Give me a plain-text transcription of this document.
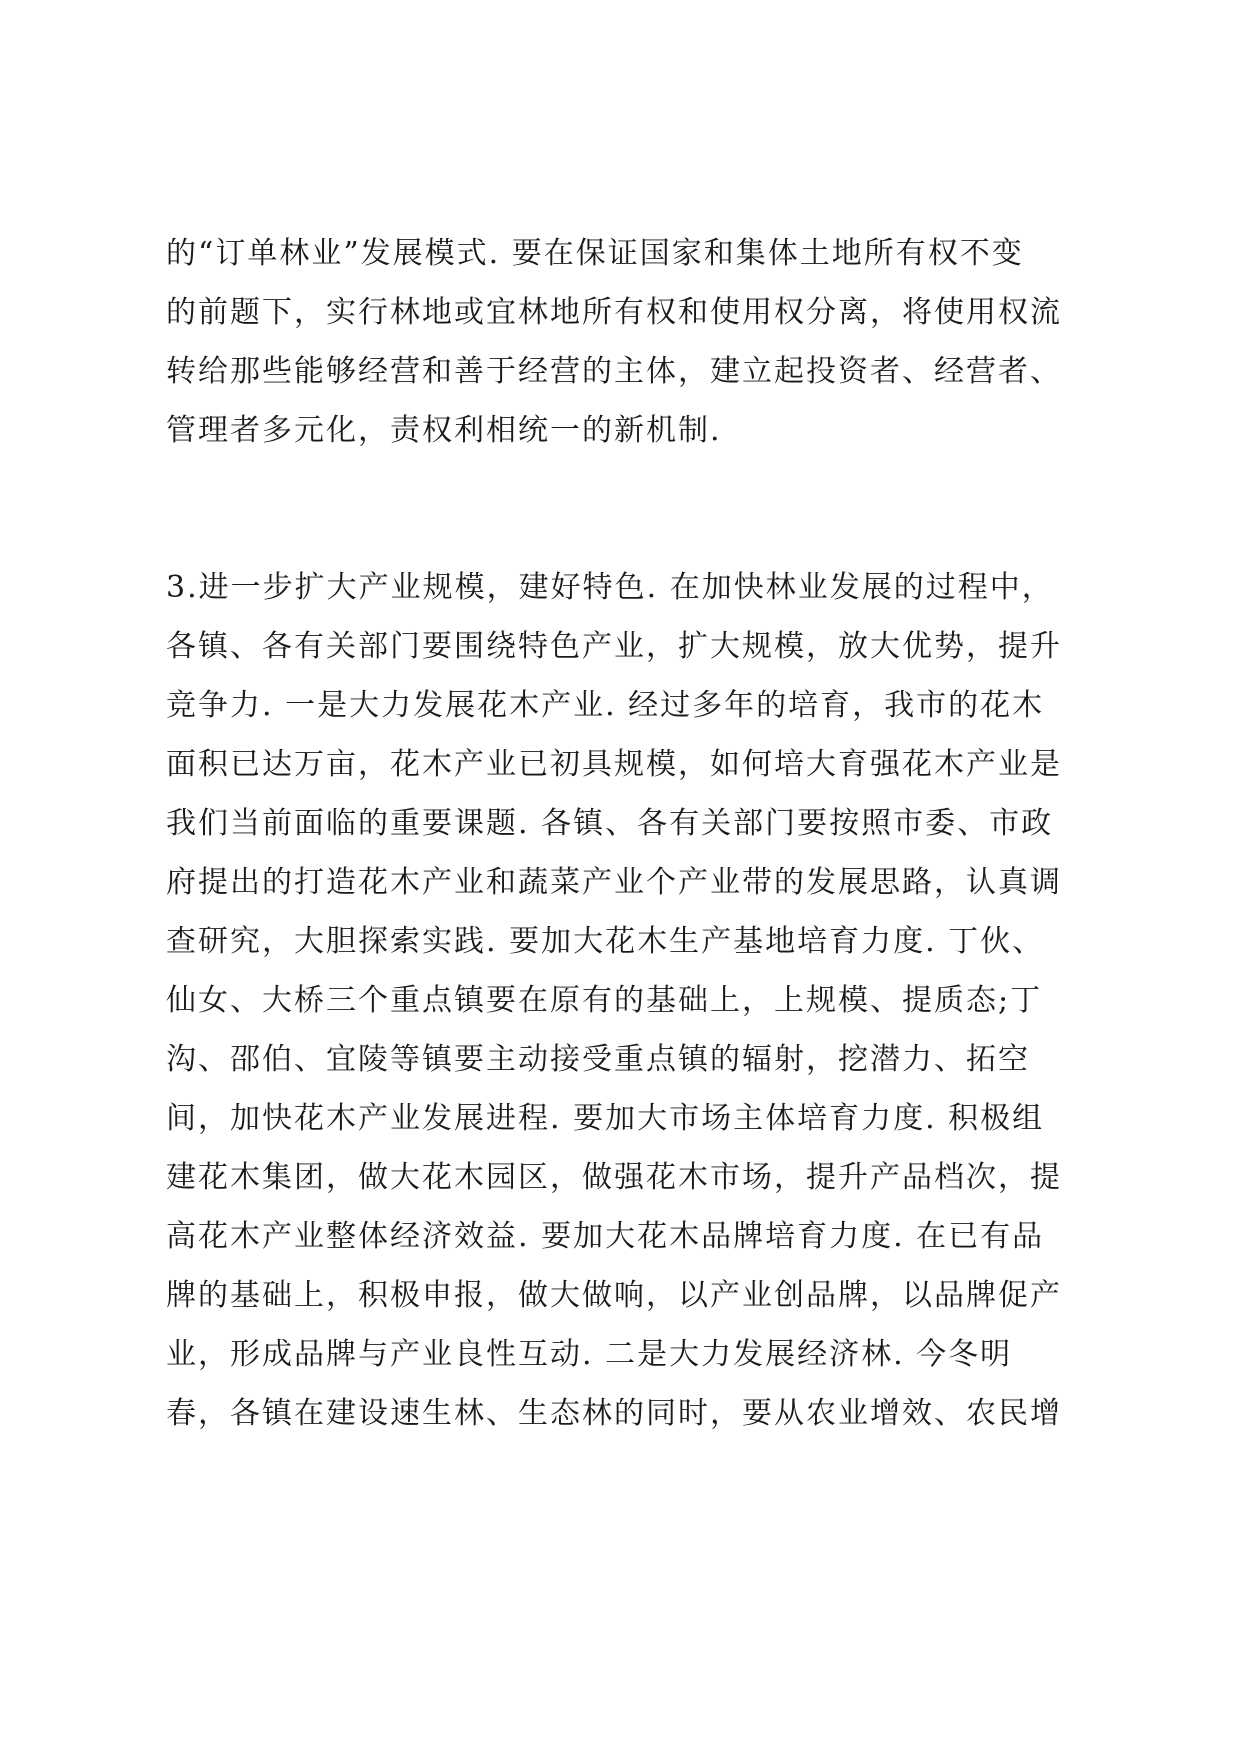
的“订单林业”发展模式. 要在保证国家和集体土地所有权不变
的前题下，实行林地或宜林地所有权和使用权分离，将使用权流
转给那些能够经营和善于经营的主体，建立起投资者、经营者、
管理者多元化，责权利相统一的新机制.
3.进一步扩大产业规模，建好特色. 在加快林业发展的过程中，
各镇、各有关部门要围绕特色产业，扩大规模，放大优势，提升
竞争力. 一是大力发展花木产业. 经过多年的培育，我市的花木
面积已达万亩，花木产业已初具规模，如何培大育强花木产业是
我们当前面临的重要课题. 各镇、各有关部门要按照市委、市政
府提出的打造花木产业和蔬菜产业个产业带的发展思路，认真调
查研究，大胆探索实践. 要加大花木生产基地培育力度. 丁伙、
仙女、大桥三个重点镇要在原有的基础上，上规模、提质态;丁
沟、邵伯、宜陵等镇要主动接受重点镇的辐射，挖潜力、拓空
间，加快花木产业发展进程. 要加大市场主体培育力度. 积极组
建花木集团，做大花木园区，做强花木市场，提升产品档次，提
高花木产业整体经济效益. 要加大花木品牌培育力度. 在已有品
牌的基础上，积极申报，做大做响，以产业创品牌，以品牌促产
业，形成品牌与产业良性互动. 二是大力发展经济林. 今冬明
春，各镇在建设速生林、生态林的同时，要从农业增效、农民增
